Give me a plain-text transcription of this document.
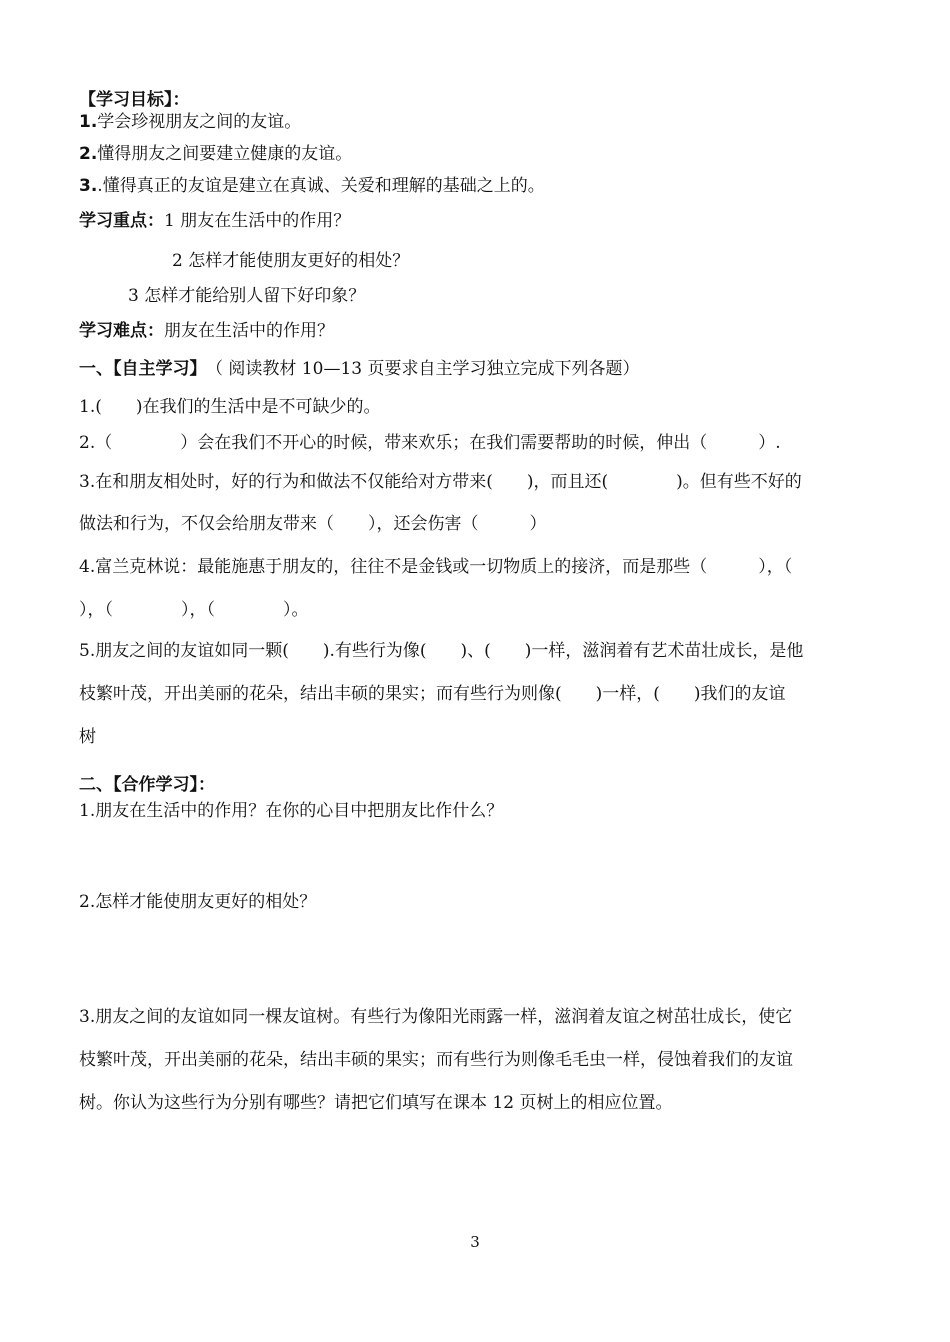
【学习目标】：
1.学会珍视朋友之间的友谊。
2.懂得朋友之间要建立健康的友谊。
3..懂得真正的友谊是建立在真诚、关爱和理解的基础之上的。
学习重点：1 朋友在生活中的作用？
2 怎样才能使朋友更好的相处？
3 怎样才能给别人留下好印象？
学习难点：朋友在生活中的作用？
一、【自主学习】 （ 阅读教材 10—13 页要求自主学习独立完成下列各题）
1.(　　)在我们的生活中是不可缺少的。
2.（　　　　）会在我们不开心的时候，带来欢乐；在我们需要帮助的时候，伸出（　　　）.
3.在和朋友相处时，好的行为和做法不仅能给对方带来(　　)，而且还(　　　　)。但有些不好的
做法和行为，不仅会给朋友带来（　　），还会伤害（　　　）
4.富兰克林说：最能施惠于朋友的，往往不是金钱或一切物质上的接济，而是那些（　　　），（
），（　　　　），（　　　　）。
5.朋友之间的友谊如同一颗(　　).有些行为像(　　)、(　　)一样，滋润着有艺术苗壮成长，是他
枝繁叶茂，开出美丽的花朵，结出丰硕的果实；而有些行为则像(　　)一样，(　　)我们的友谊
树
二、【合作学习】：
1.朋友在生活中的作用？在你的心目中把朋友比作什么？
2.怎样才能使朋友更好的相处？
3.朋友之间的友谊如同一棵友谊树。有些行为像阳光雨露一样，滋润着友谊之树茁壮成长，使它
枝繁叶茂，开出美丽的花朵，结出丰硕的果实；而有些行为则像毛毛虫一样，侵蚀着我们的友谊
树。你认为这些行为分别有哪些？请把它们填写在课本 12 页树上的相应位置。
3
